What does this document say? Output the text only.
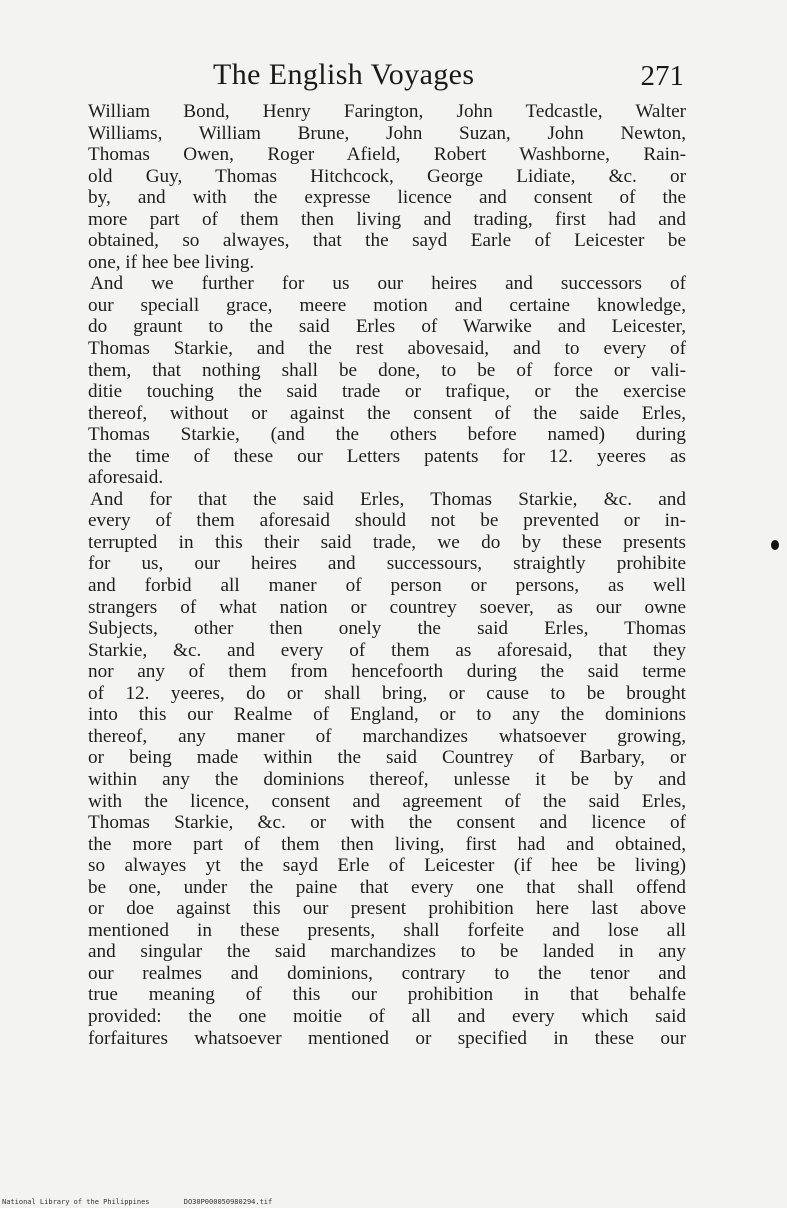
The English Voyages	271
William Bond, Henry Farington, John Tedcastle, Walter
Williams, William Brune, John Suzan, John Newton,
Thomas Owen, Roger Afield, Robert Washborne, Rain-
old Guy, Thomas Hitchcock, George Lidiate, &c. or
by, and with the expresse licence and consent of the
more part of them then living and trading, first had and
obtained, so alwayes, that the sayd Earle of Leicester be
one, if hee bee living.
And we further for us our heires and successors of
our speciall grace, meere motion and certaine knowledge,
do graunt to the said Erles of Warwike and Leicester,
Thomas Starkie, and the rest abovesaid, and to every of
them, that nothing shall be done, to be of force or vali-
ditie touching the said trade or trafique, or the exercise
thereof, without or against the consent of the saide Erles,
Thomas Starkie, (and the others before named) during
the time of these our Letters patents for 12. yeeres as
aforesaid.
And for that the said Erles, Thomas Starkie, &c. and
every of them aforesaid should not be prevented or in-
terrupted in this their said trade, we do by these presents
for us, our heires and successours, straightly prohibite
and forbid all maner of person or persons, as well
strangers of what nation or countrey soever, as our owne
Subjects, other then onely the said Erles, Thomas
Starkie, &c. and every of them as aforesaid, that they
nor any of them from hencefoorth during the said terme
of 12. yeeres, do or shall bring, or cause to be brought
into this our Realme of England, or to any the dominions
thereof, any maner of marchandizes whatsoever growing,
or being made within the said Countrey of Barbary, or
within any the dominions thereof, unlesse it be by and
with the licence, consent and agreement of the said Erles,
Thomas Starkie, &c. or with the consent and licence of
the more part of them then living, first had and obtained,
so alwayes yt the sayd Erle of Leicester (if hee be living)
be one, under the paine that every one that shall offend
or doe against this our present prohibition here last above
mentioned in these presents, shall forfeite and lose all
and singular the said marchandizes to be landed in any
our realmes and dominions, contrary to the tenor and
true meaning of this our prohibition in that behalfe
provided: the one moitie of all and every which said
forfaitures whatsoever mentioned or specified in these our
National Library of the Philippines	DO30P000050980294.tif
